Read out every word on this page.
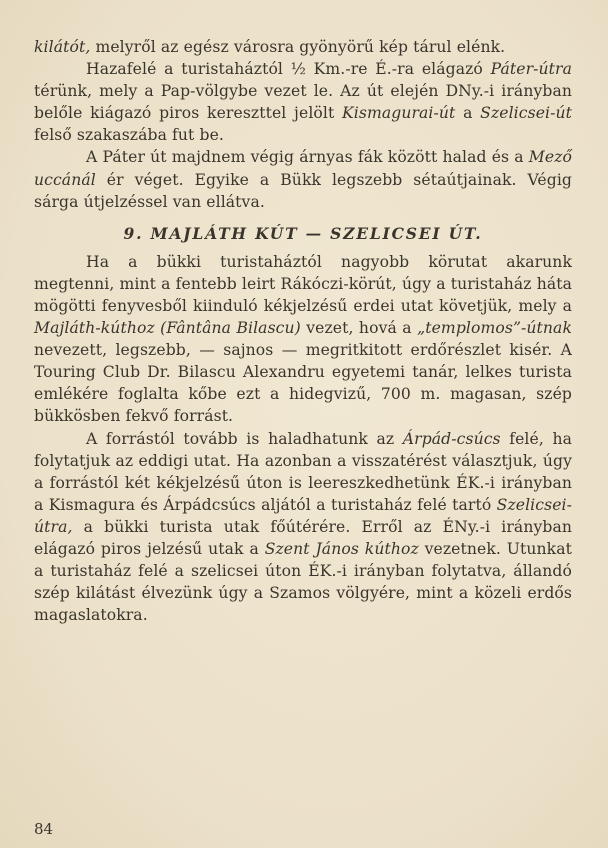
kilátót, melyről az egész városra gyönyörű kép tárul elénk.

Hazafelé a turistaháztól ½ Km.-re É.-ra elágazó Páter-útra térünk, mely a Pap-völgybe vezet le. Az út elején DNy.-i irányban belőle kiágazó piros kereszttel jelölt Kismagurai-út a Szelicsei-út felső szakaszába fut be.

A Páter út majdnem végig árnyas fák között halad és a Mező uccánál ér véget. Egyike a Bükk legszebb sétaútjainak. Végig sárga útjelzéssel van ellátva.

9. MAJLÁTH KÚT — SZELICSEI ÚT.

Ha a bükki turistaháztól nagyobb körutat akarunk megtenni, mint a fentebb leirt Rákóczi-körút, úgy a turistaház háta mögötti fenyvesből kiinduló kékjelzésű erdei utat követjük, mely a Majláth-kúthoz (Fântâna Bilascu) vezet, hová a „templomos”-útnak nevezett, legszebb, — sajnos — megritkitott erdőrészlet kisér. A Touring Club Dr. Bilascu Alexandru egyetemi tanár, lelkes turista emlékére foglalta kőbe ezt a hidegvizű, 700 m. magasan, szép bükkösben fekvő forrást.

A forrástól tovább is haladhatunk az Árpád-csúcs felé, ha folytatjuk az eddigi utat. Ha azonban a visszatérést választjuk, úgy a forrástól két kékjelzésű úton is leereszkedhetünk ÉK.-i irányban a Kismagura és Árpádcsúcs aljától a turistaház felé tartó Szelicsei-útra, a bükki turista utak főútérére. Erről az ÉNy.-i irányban elágazó piros jelzésű utak a Szent János kúthoz vezetnek. Utunkat a turistaház felé a szelicsei úton ÉK.-i irányban folytatva, állandó szép kilátást élvezünk úgy a Szamos völgyére, mint a közeli erdős magaslatokra.

84
